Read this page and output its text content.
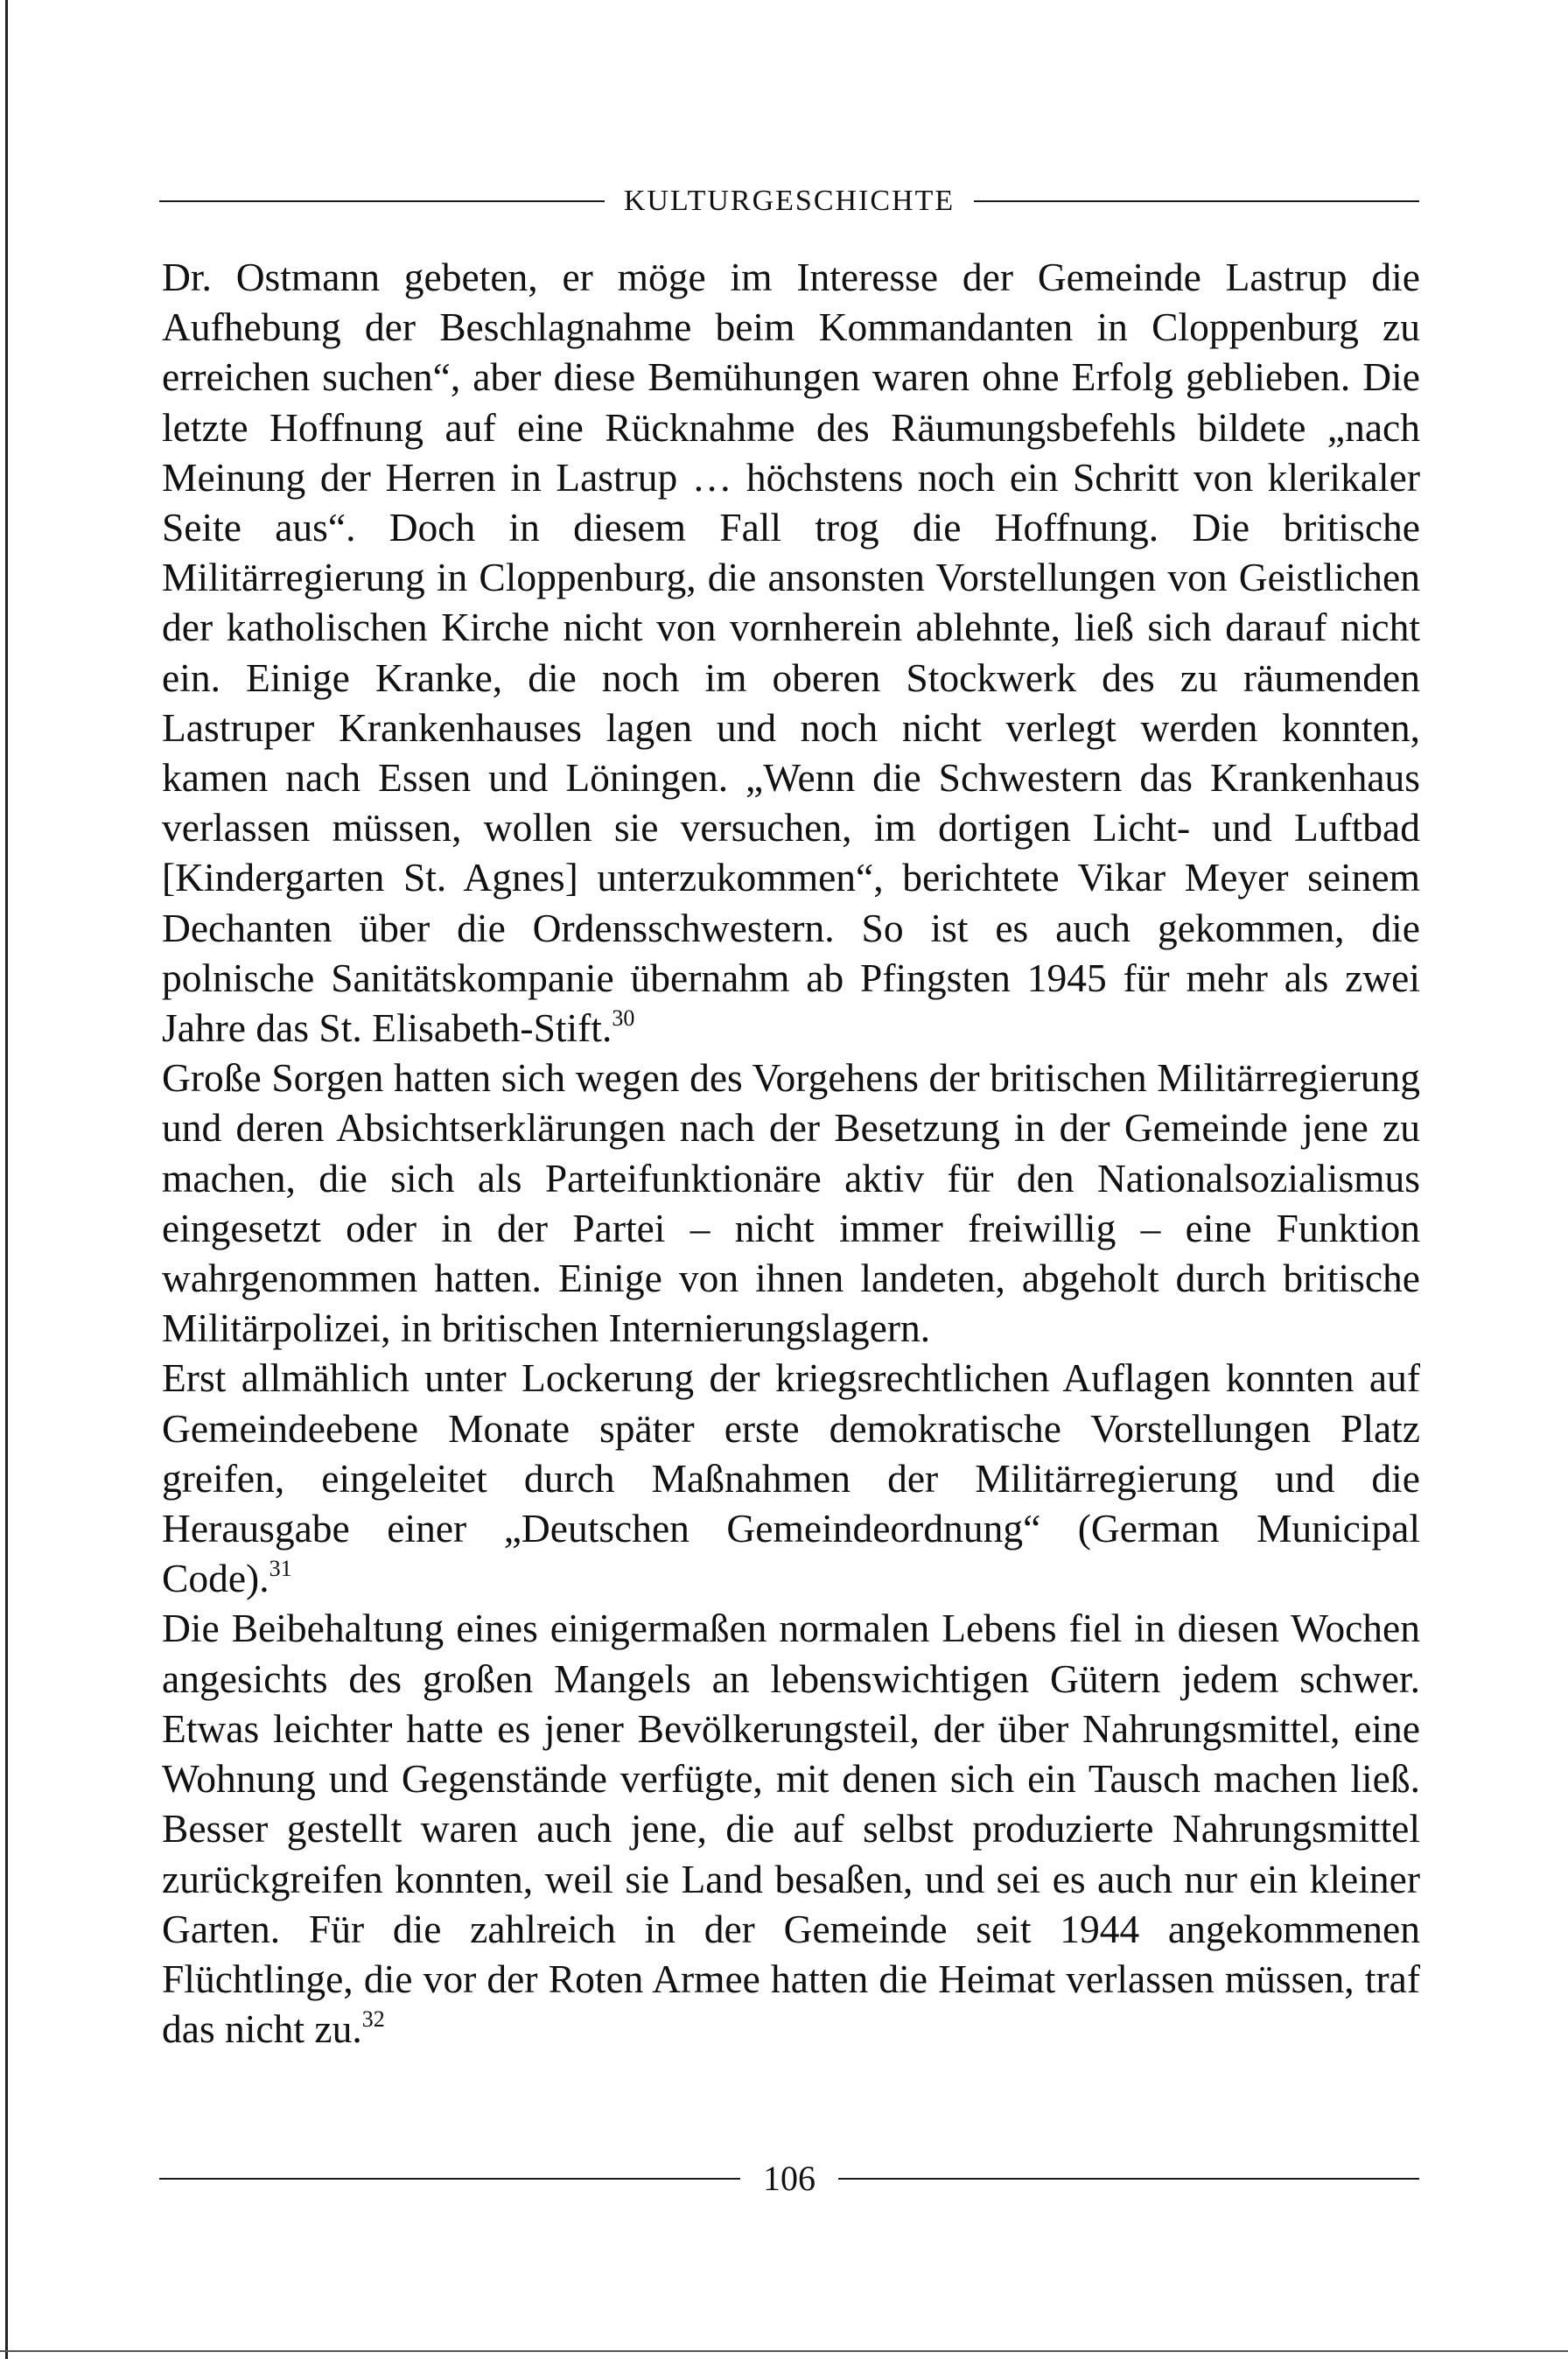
KULTURGESCHICHTE

Dr. Ostmann gebeten, er möge im Interesse der Gemeinde Lastrup die Aufhebung der Beschlagnahme beim Kommandanten in Cloppenburg zu erreichen suchen“, aber diese Bemühungen waren ohne Erfolg geblieben. Die letzte Hoffnung auf eine Rücknahme des Räumungsbefehls bildete „nach Meinung der Herren in Lastrup … höchstens noch ein Schritt von klerikaler Seite aus“. Doch in diesem Fall trog die Hoffnung. Die britische Militärregierung in Cloppenburg, die ansonsten Vorstellungen von Geistlichen der katholischen Kirche nicht von vornherein ablehnte, ließ sich darauf nicht ein. Einige Kranke, die noch im oberen Stockwerk des zu räumenden Lastruper Krankenhauses lagen und noch nicht verlegt werden konnten, kamen nach Essen und Löningen. „Wenn die Schwestern das Krankenhaus verlassen müssen, wollen sie versuchen, im dortigen Licht- und Luftbad [Kindergarten St. Agnes] unterzukommen“, berichtete Vikar Meyer seinem Dechanten über die Ordensschwestern. So ist es auch gekommen, die polnische Sanitätskompanie übernahm ab Pfingsten 1945 für mehr als zwei Jahre das St. Elisabeth-Stift.$^{30}$

Große Sorgen hatten sich wegen des Vorgehens der britischen Militärregierung und deren Absichtserklärungen nach der Besetzung in der Gemeinde jene zu machen, die sich als Parteifunktionäre aktiv für den Nationalsozialismus eingesetzt oder in der Partei – nicht immer freiwillig – eine Funktion wahrgenommen hatten. Einige von ihnen landeten, abgeholt durch britische Militärpolizei, in britischen Internierungslagern.

Erst allmählich unter Lockerung der kriegsrechtlichen Auflagen konnten auf Gemeindeebene Monate später erste demokratische Vorstellungen Platz greifen, eingeleitet durch Maßnahmen der Militärregierung und die Herausgabe einer „Deutschen Gemeindeordnung“ (German Municipal Code).$^{31}$

Die Beibehaltung eines einigermaßen normalen Lebens fiel in diesen Wochen angesichts des großen Mangels an lebenswichtigen Gütern jedem schwer. Etwas leichter hatte es jener Bevölkerungsteil, der über Nahrungsmittel, eine Wohnung und Gegenstände verfügte, mit denen sich ein Tausch machen ließ. Besser gestellt waren auch jene, die auf selbst produzierte Nahrungsmittel zurückgreifen konnten, weil sie Land besaßen, und sei es auch nur ein kleiner Garten. Für die zahlreich in der Gemeinde seit 1944 angekommenen Flüchtlinge, die vor der Roten Armee hatten die Heimat verlassen müssen, traf das nicht zu.$^{32}$

106
